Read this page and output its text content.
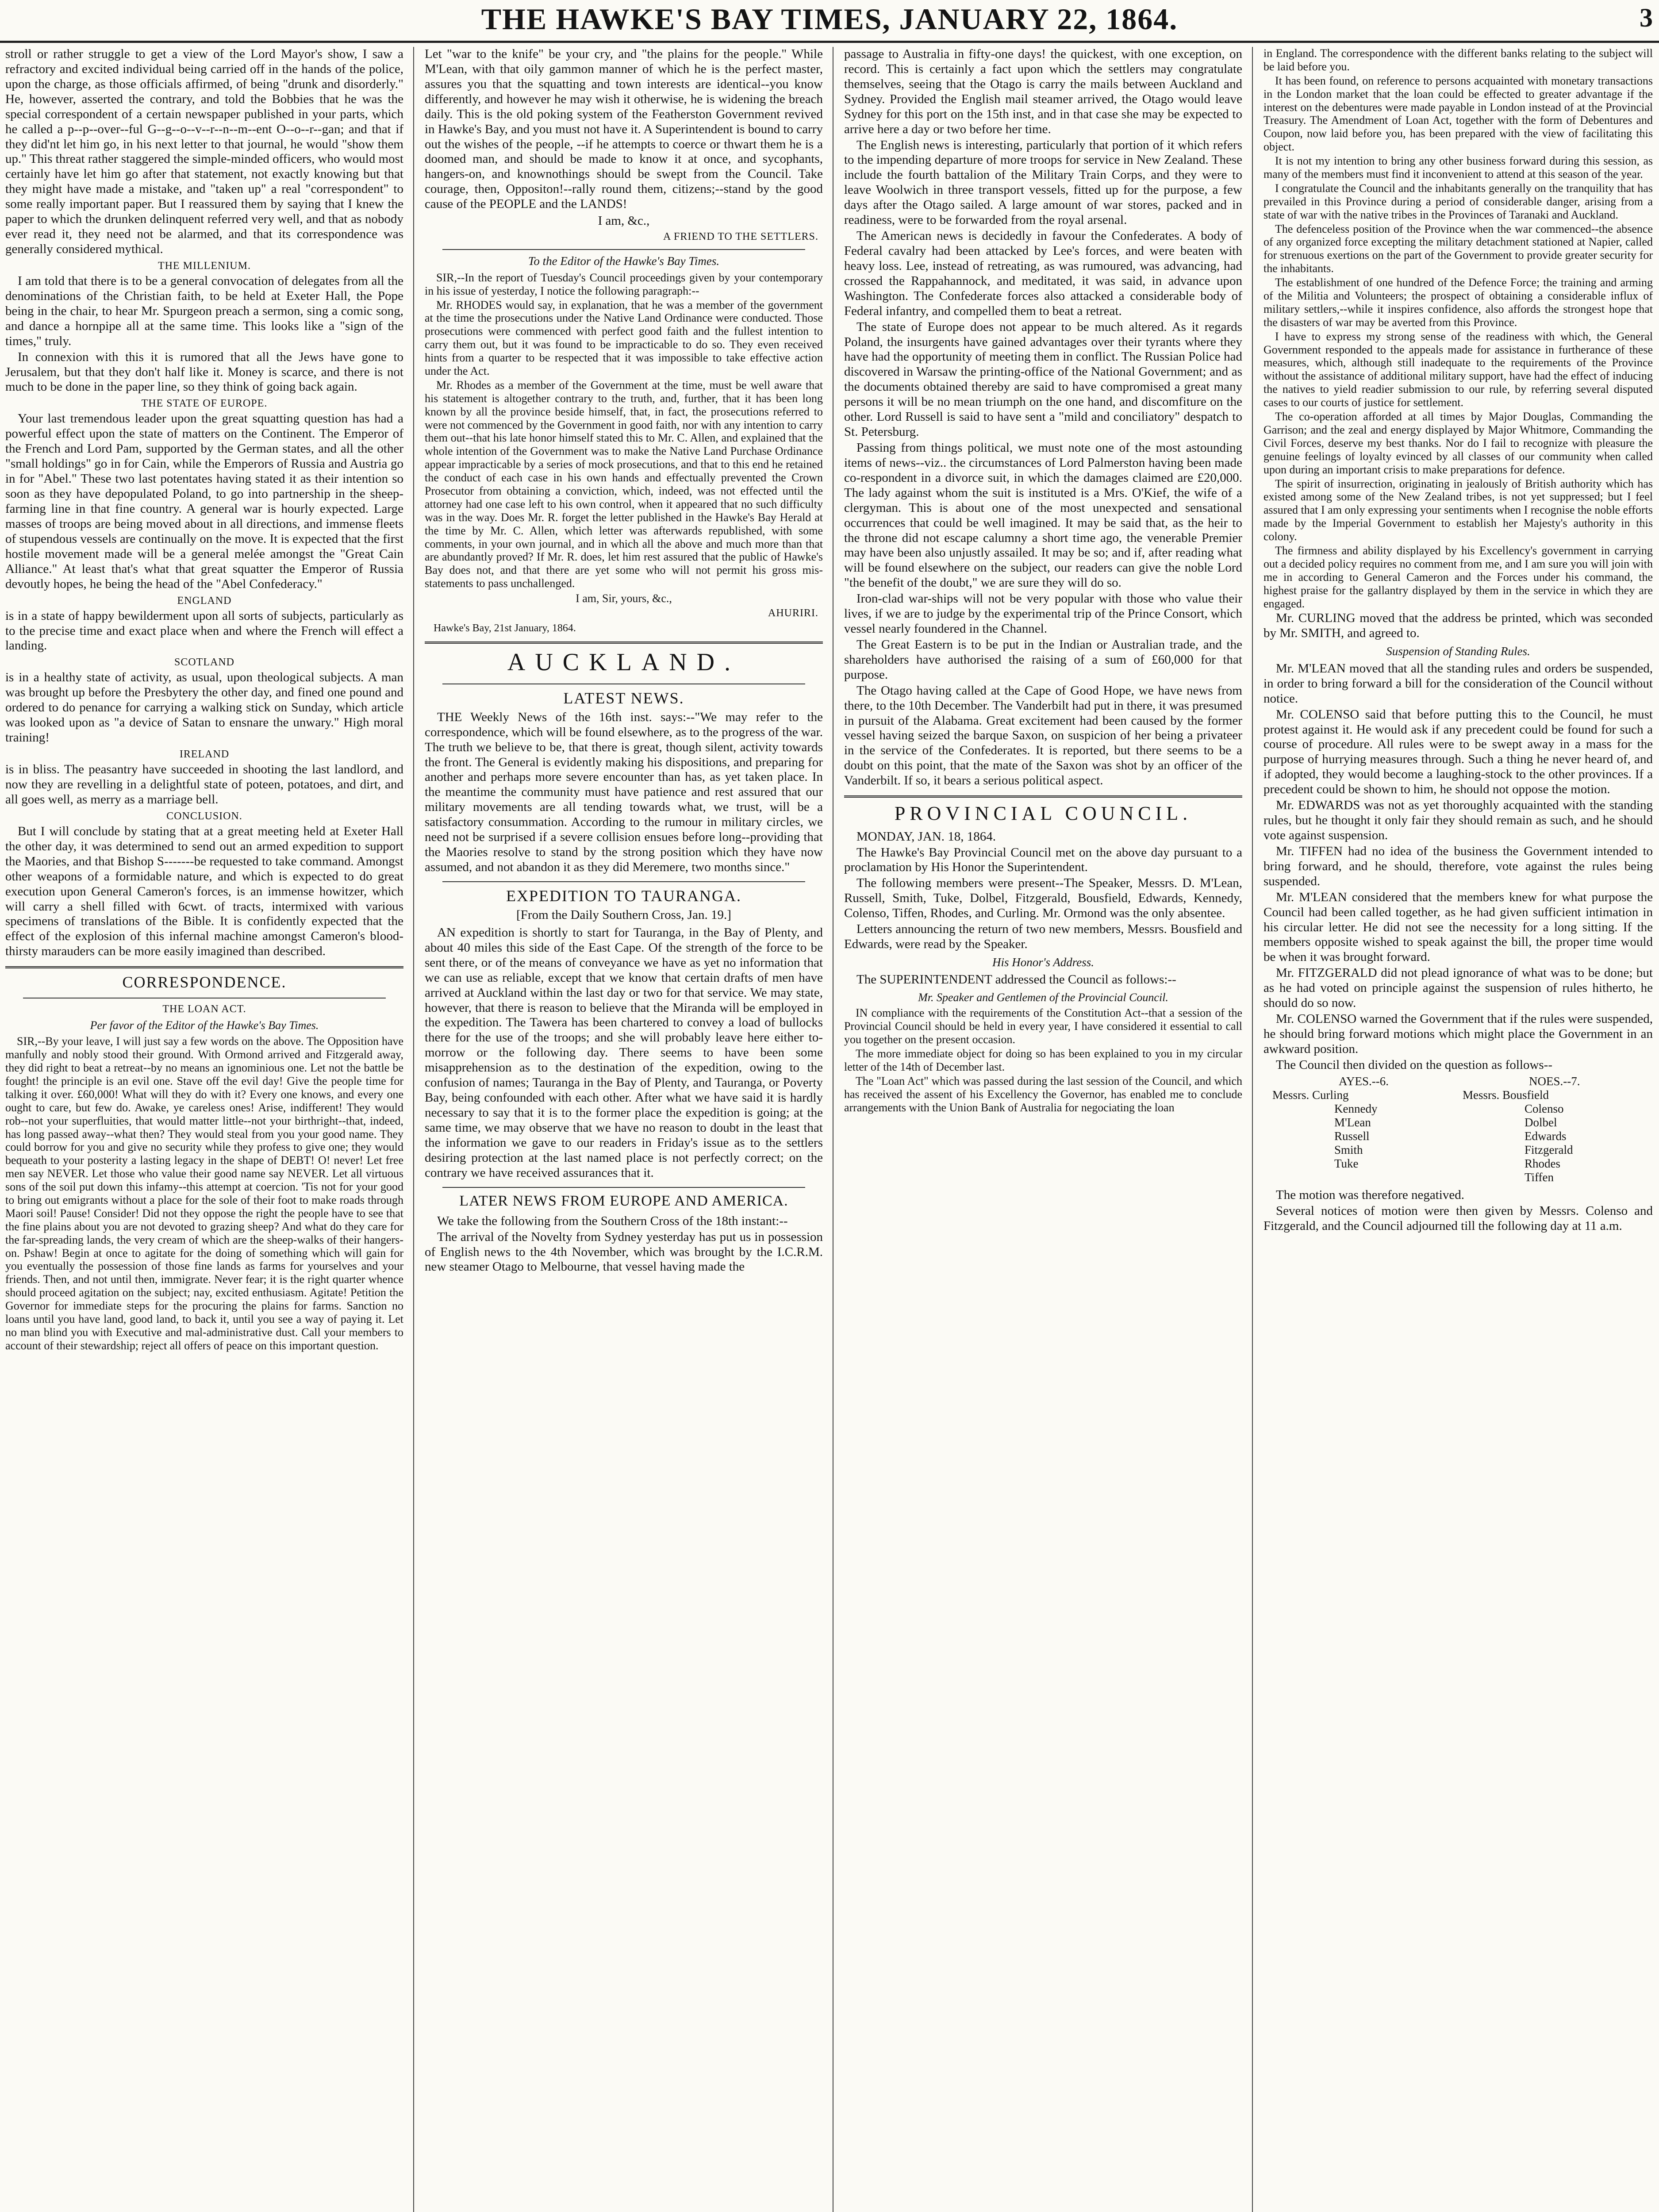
THE HAWKE'S BAY TIMES, JANUARY 22, 1864.	3

stroll or rather struggle to get a view of the Lord Mayor's show, I saw a refractory and excited individual being carried off in the hands of the police, upon the charge, as those officials affirmed, of being "drunk and disorderly." He, however, asserted the contrary, and told the Bobbies that he was the special correspondent of a certain newspaper published in your parts, which he called a p--p--over--ful G--g--o--v--r--n--m--ent O--o--r--gan; and that if they did'nt let him go, in his next letter to that journal, he would "show them up." This threat rather staggered the simple-minded officers, who would most certainly have let him go after that statement, not exactly knowing but that they might have made a mistake, and "taken up" a real "correspondent" to some really important paper. But I reassured them by saying that I knew the paper to which the drunken delinquent referred very well, and that as nobody ever read it, they need not be alarmed, and that its correspondence was generally considered mythical.

THE MILLENIUM.

I am told that there is to be a general convocation of delegates from all the denominations of the Christian faith, to be held at Exeter Hall, the Pope being in the chair, to hear Mr. Spurgeon preach a sermon, sing a comic song, and dance a hornpipe all at the same time. This looks like a "sign of the times," truly.

In connexion with this it is rumored that all the Jews have gone to Jerusalem, but that they don't half like it. Money is scarce, and there is not much to be done in the paper line, so they think of going back again.

THE STATE OF EUROPE.

Your last tremendous leader upon the great squatting question has had a powerful effect upon the state of matters on the Continent. The Emperor of the French and Lord Pam, supported by the German states, and all the other "small holdings" go in for Cain, while the Emperors of Russia and Austria go in for "Abel." These two last potentates having stated it as their intention so soon as they have depopulated Poland, to go into partnership in the sheep-farming line in that fine country. A general war is hourly expected. Large masses of troops are being moved about in all directions, and immense fleets of stupendous vessels are continually on the move. It is expected that the first hostile movement made will be a general melée amongst the "Great Cain Alliance." At least that's what that great squatter the Emperor of Russia devoutly hopes, he being the head of the "Abel Confederacy."

ENGLAND

is in a state of happy bewilderment upon all sorts of subjects, particularly as to the precise time and exact place when and where the French will effect a landing.

SCOTLAND

is in a healthy state of activity, as usual, upon theological subjects. A man was brought up before the Presbytery the other day, and fined one pound and ordered to do penance for carrying a walking stick on Sunday, which article was looked upon as "a device of Satan to ensnare the unwary." High moral training!

IRELAND

is in bliss. The peasantry have succeeded in shooting the last landlord, and now they are revelling in a delightful state of poteen, potatoes, and dirt, and all goes well, as merry as a marriage bell.

CONCLUSION.

But I will conclude by stating that at a great meeting held at Exeter Hall the other day, it was determined to send out an armed expedition to support the Maories, and that Bishop S-------be requested to take command. Amongst other weapons of a formidable nature, and which is expected to do great execution upon General Cameron's forces, is an immense howitzer, which will carry a shell filled with 6cwt. of tracts, intermixed with various specimens of translations of the Bible. It is confidently expected that the effect of the explosion of this infernal machine amongst Cameron's blood-thirsty marauders can be more easily imagined than described.

CORRESPONDENCE.
THE LOAN ACT.
Per favor of the Editor of the Hawke's Bay Times.

SIR,--By your leave, I will just say a few words on the above. The Opposition have manfully and nobly stood their ground. With Ormond arrived and Fitzgerald away, they did right to beat a retreat--by no means an ignominious one. Let not the battle be fought! the principle is an evil one. Stave off the evil day! Give the people time for talking it over. £60,000! What will they do with it? Every one knows, and every one ought to care, but few do. Awake, ye careless ones! Arise, indifferent! They would rob--not your superfluities, that would matter little--not your birthright--that, indeed, has long passed away--what then? They would steal from you your good name. They could borrow for you and give no security while they profess to give one; they would bequeath to your posterity a lasting legacy in the shape of DEBT! O! never! Let free men say NEVER. Let those who value their good name say NEVER. Let all virtuous sons of the soil put down this infamy--this attempt at coercion. 'Tis not for your good to bring out emigrants without a place for the sole of their foot to make roads through Maori soil! Pause! Consider! Did not they oppose the right the people have to see that the fine plains about you are not devoted to grazing sheep? And what do they care for the far-spreading lands, the very cream of which are the sheep-walks of their hangers-on. Pshaw! Begin at once to agitate for the doing of something which will gain for you eventually the possession of those fine lands as farms for yourselves and your friends. Then, and not until then, immigrate. Never fear; it is the right quarter whence should proceed agitation on the subject; nay, excited enthusiasm. Agitate! Petition the Governor for immediate steps for the procuring the plains for farms. Sanction no loans until you have land, good land, to back it, until you see a way of paying it. Let no man blind you with Executive and mal-administrative dust. Call your members to account of their stewardship; reject all offers of peace on this important question.

Let "war to the knife" be your cry, and "the plains for the people." While M'Lean, with that oily gammon manner of which he is the perfect master, assures you that the squatting and town interests are identical--you know differently, and however he may wish it otherwise, he is widening the breach daily. This is the old poking system of the Featherston Government revived in Hawke's Bay, and you must not have it. A Superintendent is bound to carry out the wishes of the people, --if he attempts to coerce or thwart them he is a doomed man, and should be made to know it at once, and sycophants, hangers-on, and knownothings should be swept from the Council. Take courage, then, Oppositon!--rally round them, citizens;--stand by the good cause of the PEOPLE and the LANDS!

I am, &c.,
A FRIEND TO THE SETTLERS.
To the Editor of the Hawke's Bay Times.

SIR,--In the report of Tuesday's Council proceedings given by your contemporary in his issue of yesterday, I notice the following paragraph:--

Mr. RHODES would say, in explanation, that he was a member of the government at the time the prosecutions under the Native Land Ordinance were conducted. Those prosecutions were commenced with perfect good faith and the fullest intention to carry them out, but it was found to be impracticable to do so. They even received hints from a quarter to be respected that it was impossible to take effective action under the Act.

Mr. Rhodes as a member of the Government at the time, must be well aware that his statement is altogether contrary to the truth, and, further, that it has been long known by all the province beside himself, that, in fact, the prosecutions referred to were not commenced by the Government in good faith, nor with any intention to carry them out--that his late honor himself stated this to Mr. C. Allen, and explained that the whole intention of the Government was to make the Native Land Purchase Ordinance appear impracticable by a series of mock prosecutions, and that to this end he retained the conduct of each case in his own hands and effectually prevented the Crown Prosecutor from obtaining a conviction, which, indeed, was not effected until the attorney had one case left to his own control, when it appeared that no such difficulty was in the way. Does Mr. R. forget the letter published in the Hawke's Bay Herald at the time by Mr. C. Allen, which letter was afterwards republished, with some comments, in your own journal, and in which all the above and much more than that are abundantly proved? If Mr. R. does, let him rest assured that the public of Hawke's Bay does not, and that there are yet some who will not permit his gross mis-statements to pass unchallenged.

I am, Sir, yours, &c.,
AHURIRI.
Hawke's Bay, 21st January, 1864.
AUCKLAND.
LATEST NEWS.

THE Weekly News of the 16th inst. says:--"We may refer to the correspondence, which will be found elsewhere, as to the progress of the war. The truth we believe to be, that there is great, though silent, activity towards the front. The General is evidently making his dispositions, and preparing for another and perhaps more severe encounter than has, as yet taken place. In the meantime the community must have patience and rest assured that our military movements are all tending towards what, we trust, will be a satisfactory consummation. According to the rumour in military circles, we need not be surprised if a severe collision ensues before long--providing that the Maories resolve to stand by the strong position which they have now assumed, and not abandon it as they did Meremere, two months since."

EXPEDITION TO TAURANGA.
[From the Daily Southern Cross, Jan. 19.]

AN expedition is shortly to start for Tauranga, in the Bay of Plenty, and about 40 miles this side of the East Cape. Of the strength of the force to be sent there, or of the means of conveyance we have as yet no information that we can use as reliable, except that we know that certain drafts of men have arrived at Auckland within the last day or two for that service. We may state, however, that there is reason to believe that the Miranda will be employed in the expedition. The Tawera has been chartered to convey a load of bullocks there for the use of the troops; and she will probably leave here either to-morrow or the following day. There seems to have been some misapprehension as to the destination of the expedition, owing to the confusion of names; Tauranga in the Bay of Plenty, and Tauranga, or Poverty Bay, being confounded with each other. After what we have said it is hardly necessary to say that it is to the former place the expedition is going; at the same time, we may observe that we have no reason to doubt in the least that the information we gave to our readers in Friday's issue as to the settlers desiring protection at the last named place is not perfectly correct; on the contrary we have received assurances that it.

LATER NEWS FROM EUROPE AND AMERICA.

We take the following from the Southern Cross of the 18th instant:--

The arrival of the Novelty from Sydney yesterday has put us in possession of English news to the 4th November, which was brought by the I.C.R.M. new steamer Otago to Melbourne, that vessel having made the

passage to Australia in fifty-one days! the quickest, with one exception, on record. This is certainly a fact upon which the settlers may congratulate themselves, seeing that the Otago is carry the mails between Auckland and Sydney. Provided the English mail steamer arrived, the Otago would leave Sydney for this port on the 15th inst, and in that case she may be expected to arrive here a day or two before her time.

The English news is interesting, particularly that portion of it which refers to the impending departure of more troops for service in New Zealand. These include the fourth battalion of the Military Train Corps, and they were to leave Woolwich in three transport vessels, fitted up for the purpose, a few days after the Otago sailed. A large amount of war stores, packed and in readiness, were to be forwarded from the royal arsenal.

The American news is decidedly in favour the Confederates. A body of Federal cavalry had been attacked by Lee's forces, and were beaten with heavy loss. Lee, instead of retreating, as was rumoured, was advancing, had crossed the Rappahannock, and meditated, it was said, in advance upon Washington. The Confederate forces also attacked a considerable body of Federal infantry, and compelled them to beat a retreat.

The state of Europe does not appear to be much altered. As it regards Poland, the insurgents have gained advantages over their tyrants where they have had the opportunity of meeting them in conflict. The Russian Police had discovered in Warsaw the printing-office of the National Government; and as the documents obtained thereby are said to have compromised a great many persons it will be no mean triumph on the one hand, and discomfiture on the other. Lord Russell is said to have sent a "mild and conciliatory" despatch to St. Petersburg.

Passing from things political, we must note one of the most astounding items of news--viz.. the circumstances of Lord Palmerston having been made co-respondent in a divorce suit, in which the damages claimed are £20,000. The lady against whom the suit is instituted is a Mrs. O'Kief, the wife of a clergyman. This is about one of the most unexpected and sensational occurrences that could be well imagined. It may be said that, as the heir to the throne did not escape calumny a short time ago, the venerable Premier may have been also unjustly assailed. It may be so; and if, after reading what will be found elsewhere on the subject, our readers can give the noble Lord "the benefit of the doubt," we are sure they will do so.

Iron-clad war-ships will not be very popular with those who value their lives, if we are to judge by the experimental trip of the Prince Consort, which vessel nearly foundered in the Channel.

The Great Eastern is to be put in the Indian or Australian trade, and the shareholders have authorised the raising of a sum of £60,000 for that purpose.

The Otago having called at the Cape of Good Hope, we have news from there, to the 10th December. The Vanderbilt had put in there, it was presumed in pursuit of the Alabama. Great excitement had been caused by the former vessel having seized the barque Saxon, on suspicion of her being a privateer in the service of the Confederates. It is reported, but there seems to be a doubt on this point, that the mate of the Saxon was shot by an officer of the Vanderbilt. If so, it bears a serious political aspect.

PROVINCIAL COUNCIL.

MONDAY, JAN. 18, 1864.

The Hawke's Bay Provincial Council met on the above day pursuant to a proclamation by His Honor the Superintendent.

The following members were present--The Speaker, Messrs. D. M'Lean, Russell, Smith, Tuke, Dolbel, Fitzgerald, Bousfield, Edwards, Kennedy, Colenso, Tiffen, Rhodes, and Curling. Mr. Ormond was the only absentee.

Letters announcing the return of two new members, Messrs. Bousfield and Edwards, were read by the Speaker.

His Honor's Address.

The SUPERINTENDENT addressed the Council as follows:--

Mr. Speaker and Gentlemen of the Provincial Council.

IN compliance with the requirements of the Constitution Act--that a session of the Provincial Council should be held in every year, I have considered it essential to call you together on the present occasion.

The more immediate object for doing so has been explained to you in my circular letter of the 14th of December last.

The "Loan Act" which was passed during the last session of the Council, and which has received the assent of his Excellency the Governor, has enabled me to conclude arrangements with the Union Bank of Australia for negociating the loan

in England. The correspondence with the different banks relating to the subject will be laid before you.

It has been found, on reference to persons acquainted with monetary transactions in the London market that the loan could be effected to greater advantage if the interest on the debentures were made payable in London instead of at the Provincial Treasury. The Amendment of Loan Act, together with the form of Debentures and Coupon, now laid before you, has been prepared with the view of facilitating this object.

It is not my intention to bring any other business forward during this session, as many of the members must find it inconvenient to attend at this season of the year.

I congratulate the Council and the inhabitants generally on the tranquility that has prevailed in this Province during a period of considerable danger, arising from a state of war with the native tribes in the Provinces of Taranaki and Auckland.

The defenceless position of the Province when the war commenced--the absence of any organized force excepting the military detachment stationed at Napier, called for strenuous exertions on the part of the Government to provide greater security for the inhabitants.

The establishment of one hundred of the Defence Force; the training and arming of the Militia and Volunteers; the prospect of obtaining a considerable influx of military settlers,--while it inspires confidence, also affords the strongest hope that the disasters of war may be averted from this Province.

I have to express my strong sense of the readiness with which, the General Government responded to the appeals made for assistance in furtherance of these measures, which, although still inadequate to the requirements of the Province without the assistance of additional military support, have had the effect of inducing the natives to yield readier submission to our rule, by referring several disputed cases to our courts of justice for settlement.

The co-operation afforded at all times by Major Douglas, Commanding the Garrison; and the zeal and energy displayed by Major Whitmore, Commanding the Civil Forces, deserve my best thanks. Nor do I fail to recognize with pleasure the genuine feelings of loyalty evinced by all classes of our community when called upon during an important crisis to make preparations for defence.

The spirit of insurrection, originating in jealously of British authority which has existed among some of the New Zealand tribes, is not yet suppressed; but I feel assured that I am only expressing your sentiments when I recognise the noble efforts made by the Imperial Government to establish her Majesty's authority in this colony.

The firmness and ability displayed by his Excellency's government in carrying out a decided policy requires no comment from me, and I am sure you will join with me in according to General Cameron and the Forces under his command, the highest praise for the gallantry displayed by them in the service in which they are engaged.

Mr. CURLING moved that the address be printed, which was seconded by Mr. SMITH, and agreed to.

Suspension of Standing Rules.

Mr. M'LEAN moved that all the standing rules and orders be suspended, in order to bring forward a bill for the consideration of the Council without notice.

Mr. COLENSO said that before putting this to the Council, he must protest against it. He would ask if any precedent could be found for such a course of procedure. All rules were to be swept away in a mass for the purpose of hurrying measures through. Such a thing he never heard of, and if adopted, they would become a laughing-stock to the other provinces. If a precedent could be shown to him, he should not oppose the motion.

Mr. EDWARDS was not as yet thoroughly acquainted with the standing rules, but he thought it only fair they should remain as such, and he should vote against suspension.

Mr. TIFFEN had no idea of the business the Government intended to bring forward, and he should, therefore, vote against the rules being suspended.

Mr. M'LEAN considered that the members knew for what purpose the Council had been called together, as he had given sufficient intimation in his circular letter. He did not see the necessity for a long sitting. If the members opposite wished to speak against the bill, the proper time would be when it was brought forward.

Mr. FITZGERALD did not plead ignorance of what was to be done; but as he had voted on principle against the suspension of rules hitherto, he should do so now.

Mr. COLENSO warned the Government that if the rules were suspended, he should bring forward motions which might place the Government in an awkward position.

The Council then divided on the question as follows--

AYES.--6.
Messrs. Curling
Kennedy
M'Lean
Russell
Smith
Tuke
NOES.--7.
Messrs. Bousfield
Colenso
Dolbel
Edwards
Fitzgerald
Rhodes
Tiffen

The motion was therefore negatived.

Several notices of motion were then given by Messrs. Colenso and Fitzgerald, and the Council adjourned till the following day at 11 a.m.
